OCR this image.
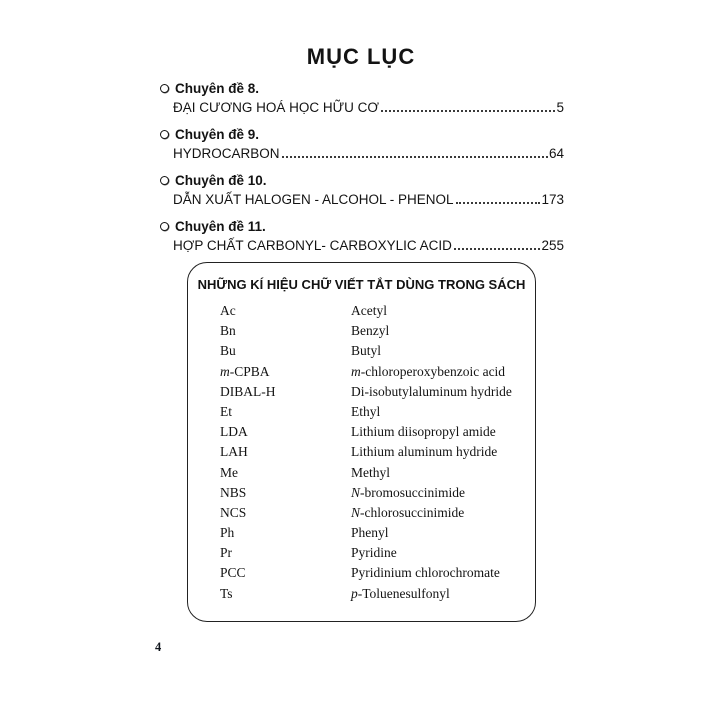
MỤC LỤC
Chuyên đề 8.
ĐẠI CƯƠNG HOÁ HỌC HỮU CƠ	5
Chuyên đề 9.
HYDROCARBON	64
Chuyên đề 10.
DẪN XUẤT HALOGEN - ALCOHOL - PHENOL	173
Chuyên đề 11.
HỢP CHẤT CARBONYL- CARBOXYLIC ACID	255
NHỮNG KÍ HIỆU CHỮ VIẾT TẮT DÙNG TRONG SÁCH
Ac	Acetyl
Bn	Benzyl
Bu	Butyl
m-CPBA	m-chloroperoxybenzoic acid
DIBAL-H	Di-isobutylaluminum hydride
Et	Ethyl
LDA	Lithium diisopropyl amide
LAH	Lithium aluminum hydride
Me	Methyl
NBS	N-bromosuccinimide
NCS	N-chlorosuccinimide
Ph	Phenyl
Pr	Pyridine
PCC	Pyridinium chlorochromate
Ts	p-Toluenesulfonyl
4
